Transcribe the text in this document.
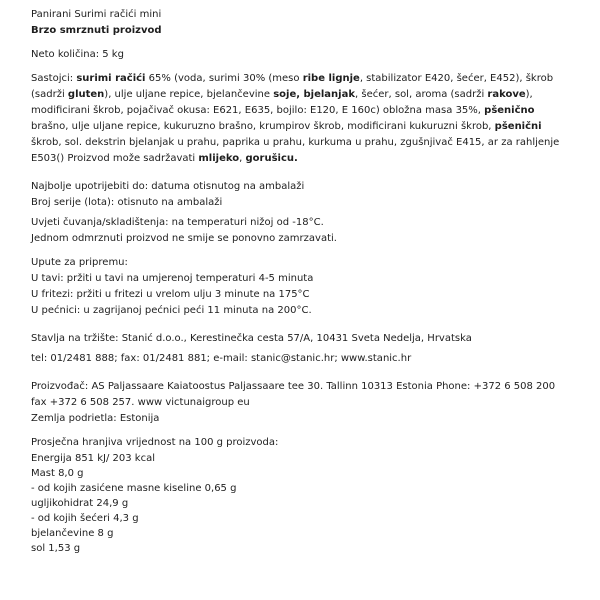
Panirani Surimi račići mini

Brzo smrznuti proizvod

Neto količina: 5 kg

Sastojci: surimi račići 65% (voda, surimi 30% (meso ribe lignje, stabilizator E420, šećer, E452), škrob

(sadrži gluten), ulje uljane repice, bjelančevine soje, bjelanjak, šećer, sol, aroma (sadrži rakove),

modificirani škrob, pojačivač okusa: E621, E635, bojilo: E120, E 160c) obložna masa 35%, pšenično

brašno, ulje uljane repice, kukuruzno brašno, krumpirov škrob, modificirani kukuruzni škrob, pšenični

škrob, sol. dekstrin bjelanjak u prahu, paprika u prahu, kurkuma u prahu, zgušnjivač E415, ar za rahljenje

E503() Proizvod može sadržavati mlijeko, gorušicu.

Najbolje upotrijebiti do: datuma otisnutog na ambalaži

Broj serije (lota): otisnuto na ambalaži

Uvjeti čuvanja/skladištenja: na temperaturi nižoj od -18°C.

Jednom odmrznuti proizvod ne smije se ponovno zamrzavati.

Upute za pripremu:

U tavi: pržiti u tavi na umjerenoj temperaturi 4-5 minuta

U fritezi: pržiti u fritezi u vrelom ulju 3 minute na 175°C

U pećnici: u zagrijanoj pećnici peći 11 minuta na 200°C.

Stavlja na tržište: Stanić d.o.o., Kerestinečka cesta 57/A, 10431 Sveta Nedelja, Hrvatska

tel: 01/2481 888; fax: 01/2481 881; e-mail: stanic@stanic.hr; www.stanic.hr

Proizvođač: AS Paljassaare Kaiatoostus Paljassaare tee 30. Tallinn 10313 Estonia Phone: +372 6 508 200

fax +372 6 508 257. www victunaigroup eu

Zemlja podrietla: Estonija

Prosječna hranjiva vrijednost na 100 g proizvoda:

Energija 851 kJ/ 203 kcal

Mast 8,0 g

- od kojih zasićene masne kiseline 0,65 g

ugljikohidrat 24,9 g

- od kojih šećeri 4,3 g

bjelančevine 8 g

sol 1,53 g
